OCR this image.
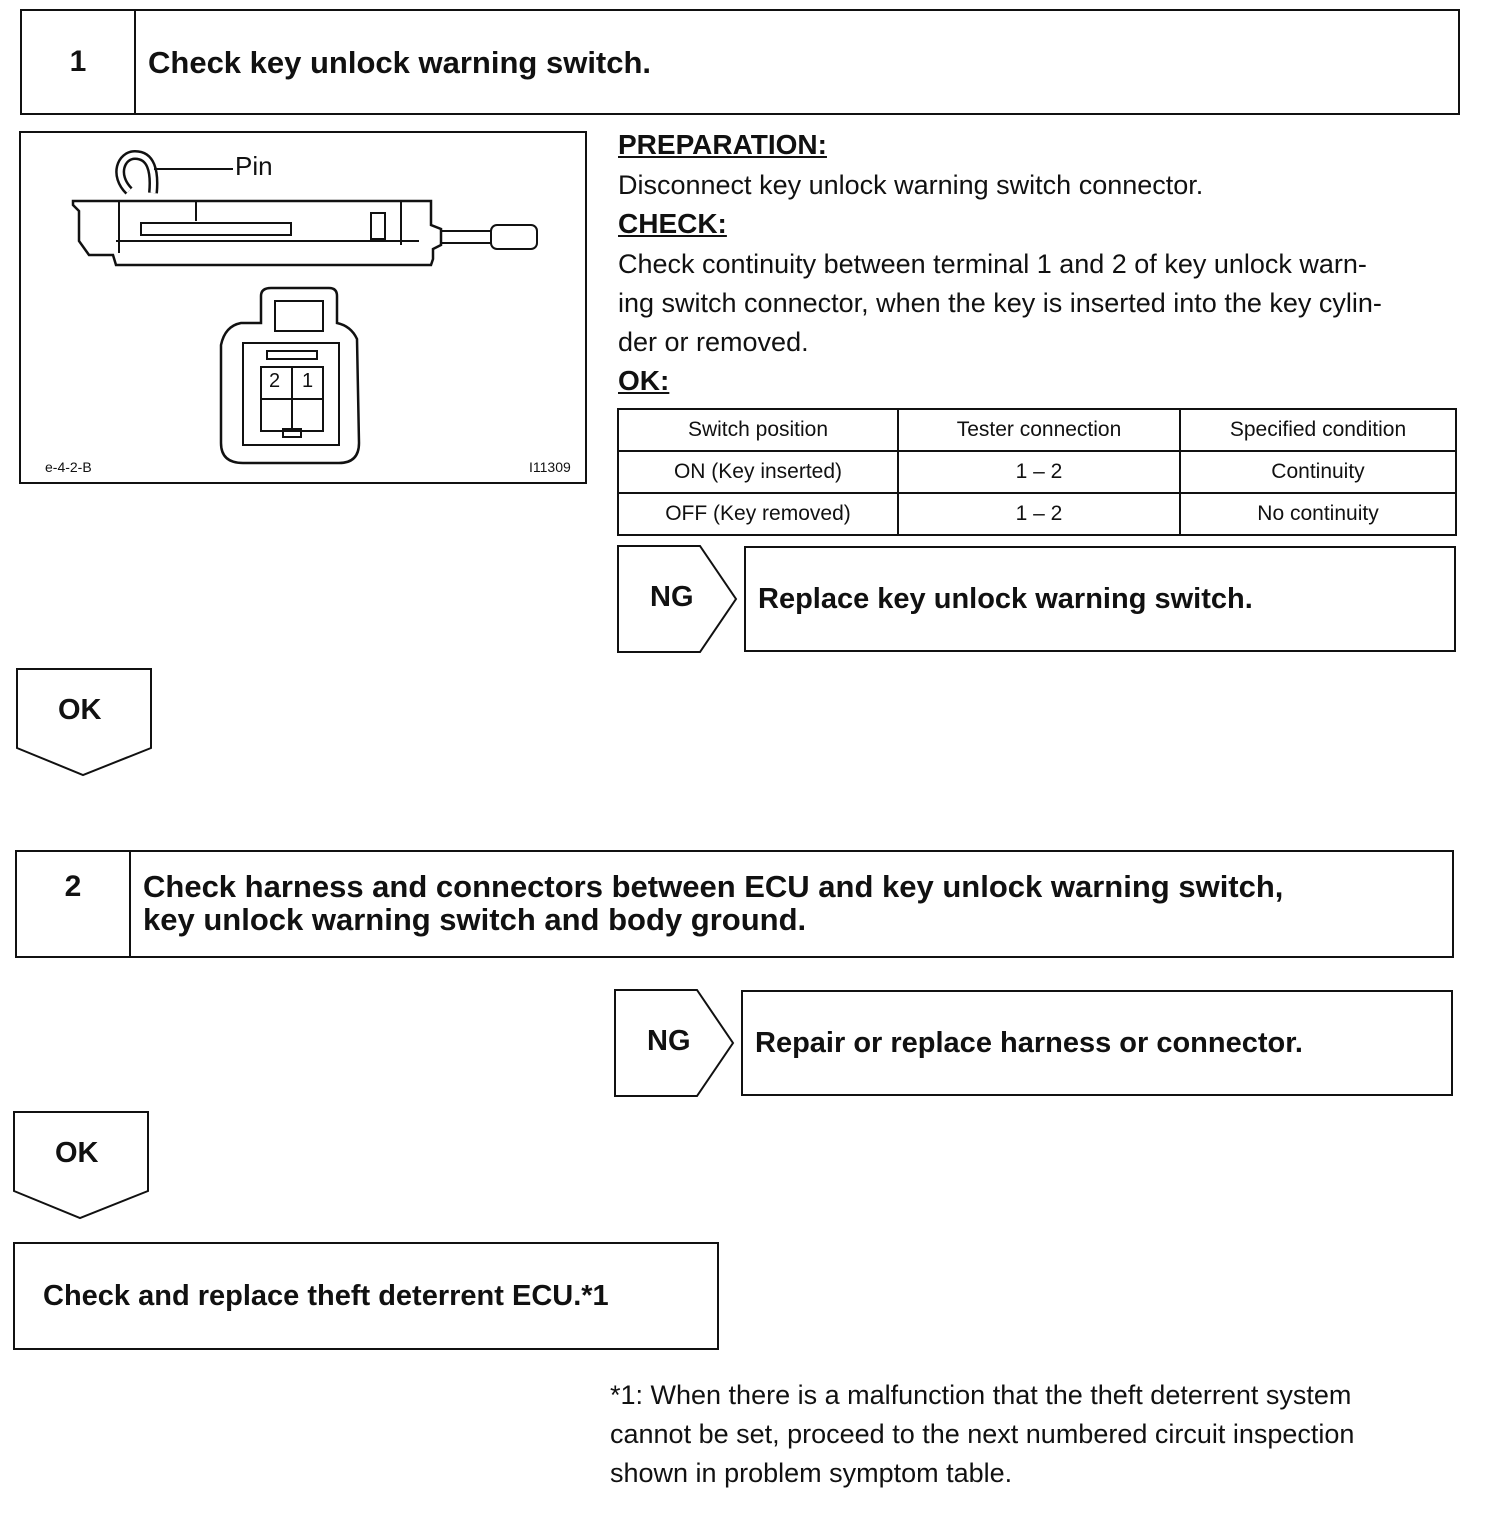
1	Check key unlock warning switch.
Pin
2 1
e-4-2-B	I11309
PREPARATION:
Disconnect key unlock warning switch connector.
CHECK:
Check continuity between terminal 1 and 2 of key unlock warn-
ing switch connector, when the key is inserted into the key cylin-
der or removed.
OK:
Switch position	Tester connection	Specified condition
ON (Key inserted)	1 – 2	Continuity
OFF (Key removed)	1 – 2	No continuity
NG	Replace key unlock warning switch.
OK
2	Check harness and connectors between ECU and key unlock warning switch,
key unlock warning switch and body ground.
NG	Repair or replace harness or connector.
OK
Check and replace theft deterrent ECU.*1
*1: When there is a malfunction that the theft deterrent system
cannot be set, proceed to the next numbered circuit inspection
shown in problem symptom table.
